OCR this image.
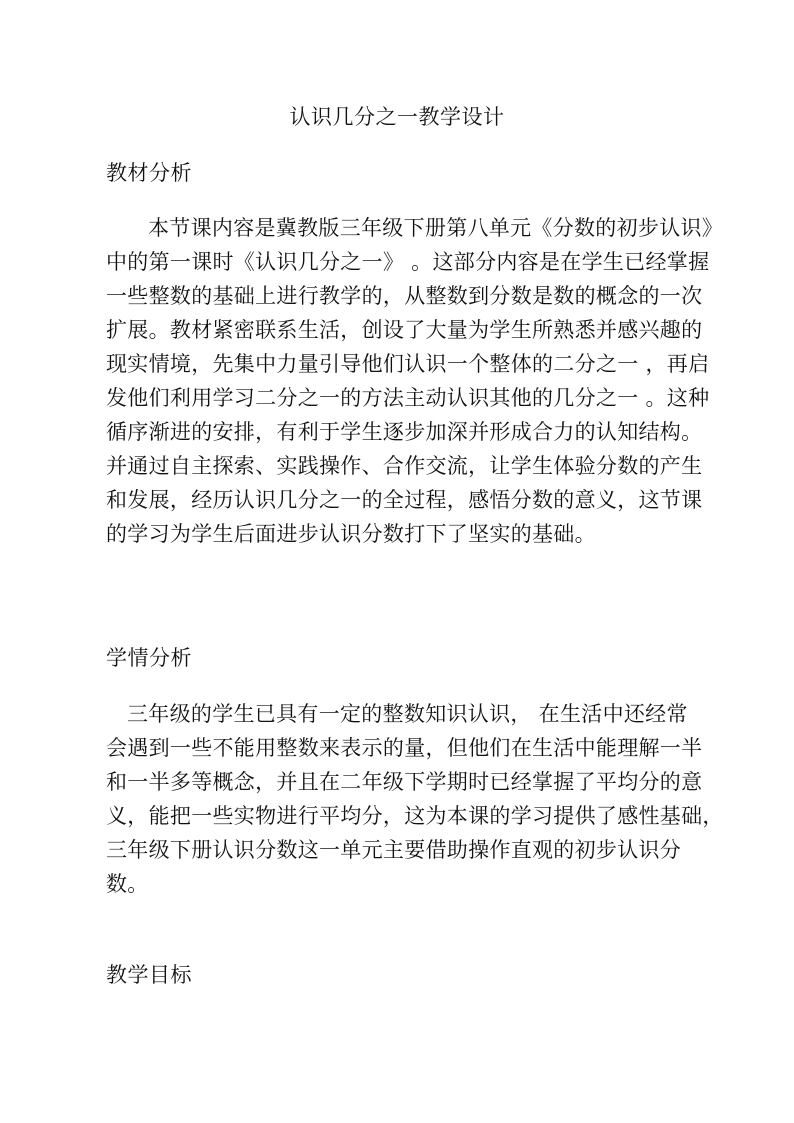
认识几分之一教学设计
教材分析
本节课内容是冀教版三年级下册第八单元《分数的初步认识》
中的第一课时《认识几分之一》 。这部分内容是在学生已经掌握
一些整数的基础上进行教学的，从整数到分数是数的概念的一次
扩展。教材紧密联系生活，创设了大量为学生所熟悉并感兴趣的
现实情境，先集中力量引导他们认识一个整体的二分之一 ，再启
发他们利用学习二分之一的方法主动认识其他的几分之一 。这种
循序渐进的安排，有利于学生逐步加深并形成合力的认知结构。
并通过自主探索、实践操作、合作交流，让学生体验分数的产生
和发展，经历认识几分之一的全过程，感悟分数的意义，这节课
的学习为学生后面进步认识分数打下了坚实的基础。
学情分析
三年级的学生已具有一定的整数知识认识， 在生活中还经常
会遇到一些不能用整数来表示的量，但他们在生活中能理解一半
和一半多等概念，并且在二年级下学期时已经掌握了平均分的意
义，能把一些实物进行平均分，这为本课的学习提供了感性基础，
三年级下册认识分数这一单元主要借助操作直观的初步认识分
数。
教学目标
